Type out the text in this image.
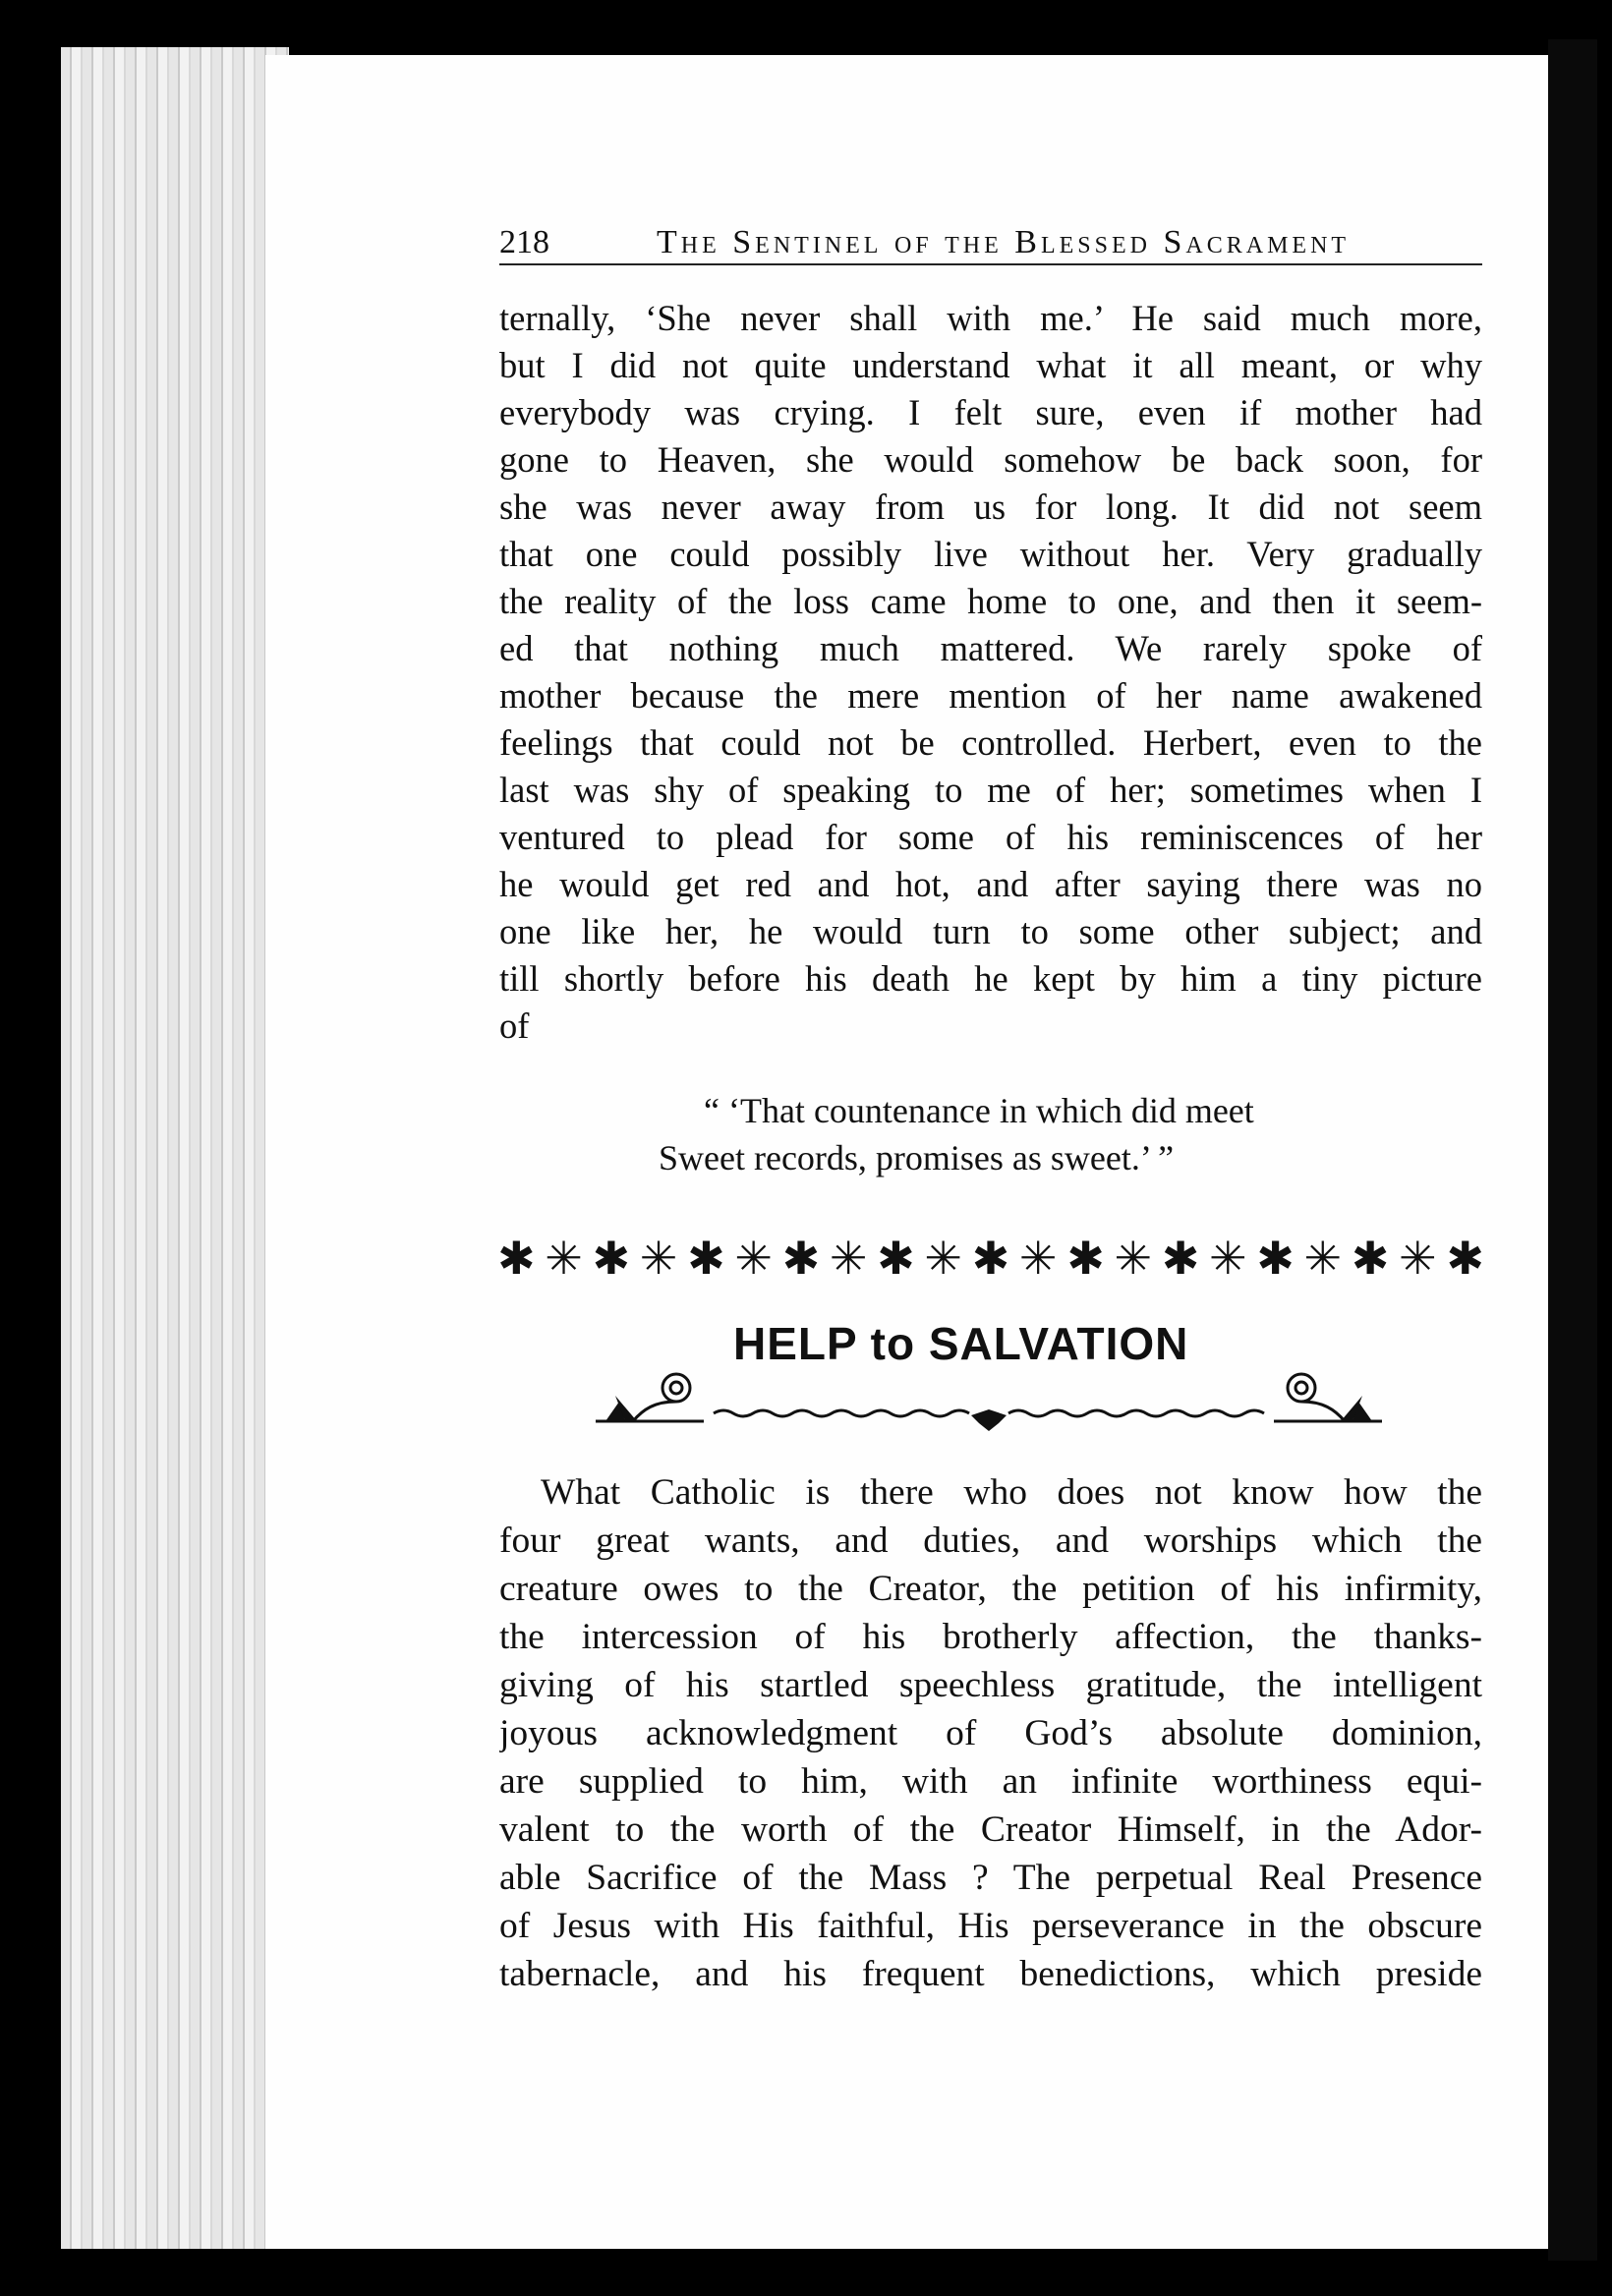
218	The Sentinel of the Blessed Sacrament
ternally, ‘She never shall with me.’ He said much more,
but I did not quite understand what it all meant, or why
everybody was crying. I felt sure, even if mother had
gone to Heaven, she would somehow be back soon, for
she was never away from us for long. It did not seem
that one could possibly live without her. Very gradually
the reality of the loss came home to one, and then it seem-
ed that nothing much mattered. We rarely spoke of
mother because the mere mention of her name awakened
feelings that could not be controlled. Herbert, even to the
last was shy of speaking to me of her; sometimes when I
ventured to plead for some of his reminiscences of her
he would get red and hot, and after saying there was no
one like her, he would turn to some other subject; and
till shortly before his death he kept by him a tiny picture
of
“ ‘That countenance in which did meet
Sweet records, promises as sweet.’ ”
✱ ✳ ✱ ✳ ✱ ✳ ✱ ✳ ✱ ✳ ✱ ✳ ✱ ✳ ✱ ✳ ✱ ✳ ✱ ✳ ✱
HELP to SALVATION
What Catholic is there who does not know how the
four great wants, and duties, and worships which the
creature owes to the Creator, the petition of his infirmity,
the intercession of his brotherly affection, the thanks-
giving of his startled speechless gratitude, the intelligent
joyous acknowledgment of God’s absolute dominion,
are supplied to him, with an infinite worthiness equi-
valent to the worth of the Creator Himself, in the Ador-
able Sacrifice of the Mass ? The perpetual Real Presence
of Jesus with His faithful, His perseverance in the obscure
tabernacle, and his frequent benedictions, which preside
